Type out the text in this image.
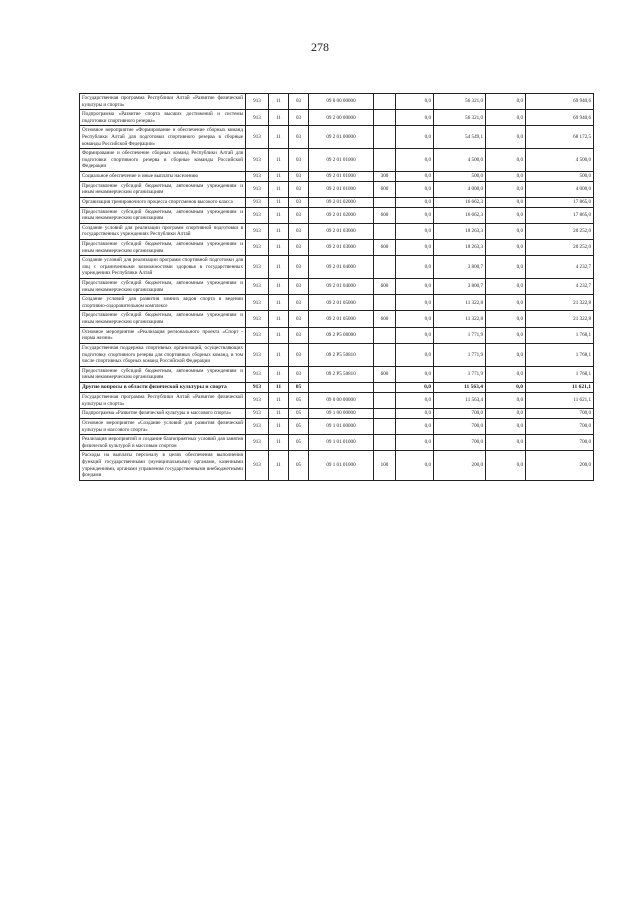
278
Государственная программа Республики Алтай «Развитие физической культуры и спорта»	913	11	03	09 0 00 00000		0,0	56 321,0	0,0	69 940,6
Подпрограмма «Развитие спорта высших достижений и системы подготовки спортивного резерва»	913	11	03	09 2 00 00000		0,0	56 321,0	0,0	69 940,6
Основное мероприятие «Формирование и обеспечение сборных команд Республики Алтай для подготовки спортивного резерва в сборные команды Российской Федерации»	913	11	03	09 2 01 00000		0,0	54 549,1	0,0	68 172,5
Формирование и обеспечение сборных команд Республики Алтай для подготовки спортивного резерва в сборные команды Российской Федерации	913	11	03	09 2 01 01000		0,0	4 500,0	0,0	4 500,0
Социальное обеспечение и иные выплаты населению	913	11	03	09 2 01 01000	300	0,0	500,0	0,0	500,0
Предоставление субсидий бюджетным, автономным учреждениям и иным некоммерческим организациям	913	11	03	09 2 01 01000	600	0,0	4 000,0	0,0	4 000,0
Организация тренировочного процесса спортсменов высокого класса	913	11	03	09 2 01 02000		0,0	16 662,3	0,0	17 865,0
Предоставление субсидий бюджетным, автономным учреждениям и иным некоммерческим организациям	913	11	03	09 2 01 02000	600	0,0	16 662,3	0,0	17 865,0
Создание условий для реализации программ спортивной подготовки в государственных учреждениях Республики Алтай	913	11	03	09 2 01 03000		0,0	18 263,3	0,0	20 252,0
Предоставление субсидий бюджетным, автономным учреждениям и иным некоммерческим организациям	913	11	03	09 2 01 03000	600	0,0	18 263,3	0,0	20 252,0
Создание условий для реализации программ спортивной подготовки для лиц с ограниченными возможностями здоровья в государственных учреждениях Республики Алтай	913	11	03	09 2 01 04000		0,0	3 800,7	0,0	4 232,7
Предоставление субсидий бюджетным, автономным учреждениям и иным некоммерческим организациям	913	11	03	09 2 01 04000	600	0,0	3 800,7	0,0	4 232,7
Создание условий для развития зимних видов спорта в ведении спортивно-оздоровительном комплексе	913	11	03	09 2 01 05000		0,0	11 322,8	0,0	21 322,8
Предоставление субсидий бюджетным, автономным учреждениям и иным некоммерческим организациям	913	11	03	09 2 01 05000	600	0,0	11 322,8	0,0	21 322,8
Основное мероприятие «Реализация регионального проекта «Спорт - норма жизни»	913	11	03	09 2 P5 00000		0,0	1 771,9	0,0	1 768,1
Государственная поддержка спортивных организаций, осуществляющих подготовку спортивного резерва для спортивных сборных команд, в том числе спортивных сборных команд Российской Федерации	913	11	03	09 2 P5 50810		0,0	1 771,9	0,0	1 768,1
Предоставление субсидий бюджетным, автономным учреждениям и иным некоммерческим организациям	913	11	03	09 2 P5 50810	600	0,0	1 771,9	0,0	1 768,1
Другие вопросы в области физической культуры и спорта	913	11	05			0,0	11 563,4	0,0	11 621,1
Государственная программа Республики Алтай «Развитие физической культуры и спорта»	913	11	05	09 0 00 00000		0,0	11 563,4	0,0	11 621,1
Подпрограмма «Развитие физической культуры и массового спорта»	913	11	05	09 1 00 00000		0,0	700,0	0,0	700,0
Основное мероприятие «Создание условий для развития физической культуры и массового спорта»	913	11	05	09 1 01 00000		0,0	700,0	0,0	700,0
Реализация мероприятий и создание благоприятных условий для занятия физической культурой и массовым спортом	913	11	05	09 1 01 01000		0,0	700,0	0,0	700,0
Расходы на выплаты персоналу в целях обеспечения выполнения функций государственными (муниципальными) органами, казенными учреждениями, органами управления государственными внебюджетными фондами	913	11	05	09 1 01 01000	100	0,0	200,0	0,0	200,0
